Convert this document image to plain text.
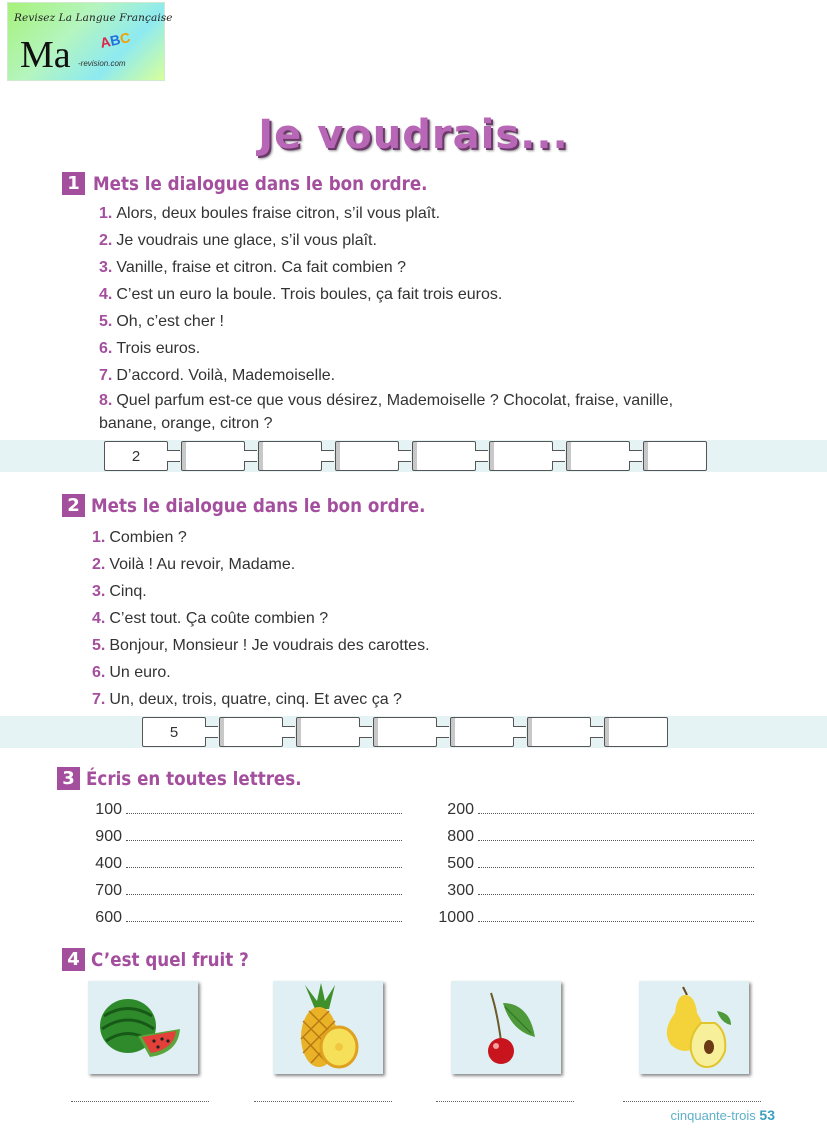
Revisez La Langue Française
Ma ABC
-revision.com
Je voudrais...
1 Mets le dialogue dans le bon ordre.
1. Alors, deux boules fraise citron, s’il vous plaît.
2. Je voudrais une glace, s’il vous plaît.
3. Vanille, fraise et citron. Ca fait combien ?
4. C’est un euro la boule. Trois boules, ça fait trois euros.
5. Oh, c’est cher !
6. Trois euros.
7. D’accord. Voilà, Mademoiselle.
8. Quel parfum est-ce que vous désirez, Mademoiselle ? Chocolat, fraise, vanille, banane, orange, citron ?
2
2 Mets le dialogue dans le bon ordre.
1. Combien ?
2. Voilà ! Au revoir, Madame.
3. Cinq.
4. C’est tout. Ça coûte combien ?
5. Bonjour, Monsieur ! Je voudrais des carottes.
6. Un euro.
7. Un, deux, trois, quatre, cinq. Et avec ça ?
5
3 Écris en toutes lettres.
100
900
400
700
600
200
800
500
300
1000
4 C’est quel fruit ?
cinquante-trois 53
